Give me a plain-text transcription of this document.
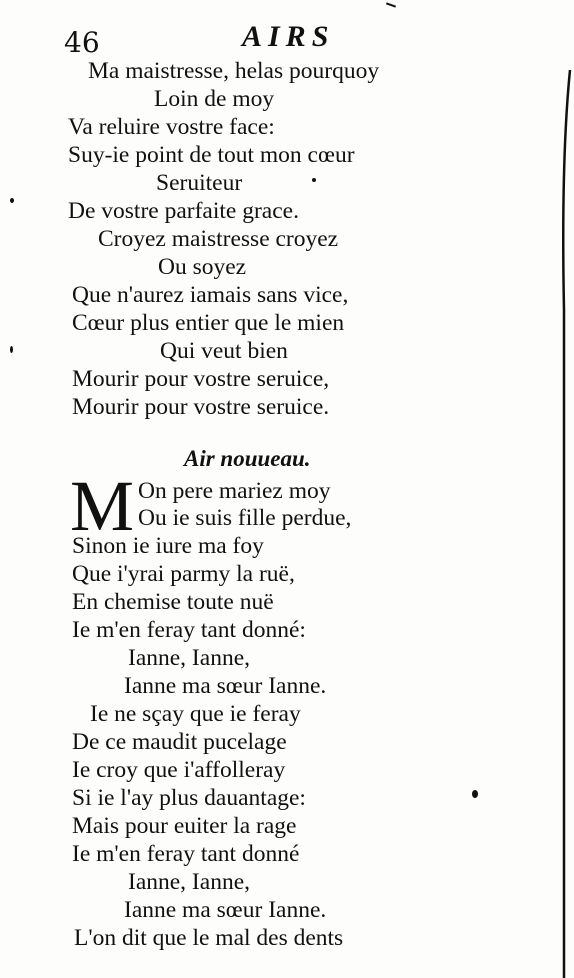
46	AIRS
Ma maistresse, helas pourquoy
Loin de moy
Va reluire vostre face:
Suy-ie point de tout mon cœur
Seruiteur
De vostre parfaite grace.
Croyez maistresse croyez
Ou soyez
Que n'aurez iamais sans vice,
Cœur plus entier que le mien
Qui veut bien
Mourir pour vostre seruice,
Mourir pour vostre seruice.
Air nouueau.
M On pere mariez moy
Ou ie suis fille perdue,
Sinon ie iure ma foy
Que i'yrai parmy la ruë,
En chemise toute nuë
Ie m'en feray tant donné:
Ianne, Ianne,
Ianne ma sœur Ianne.
Ie ne sçay que ie feray
De ce maudit pucelage
Ie croy que i'affolleray
Si ie l'ay plus dauantage:
Mais pour euiter la rage
Ie m'en feray tant donné
Ianne, Ianne,
Ianne ma sœur Ianne.
L'on dit que le mal des dents
